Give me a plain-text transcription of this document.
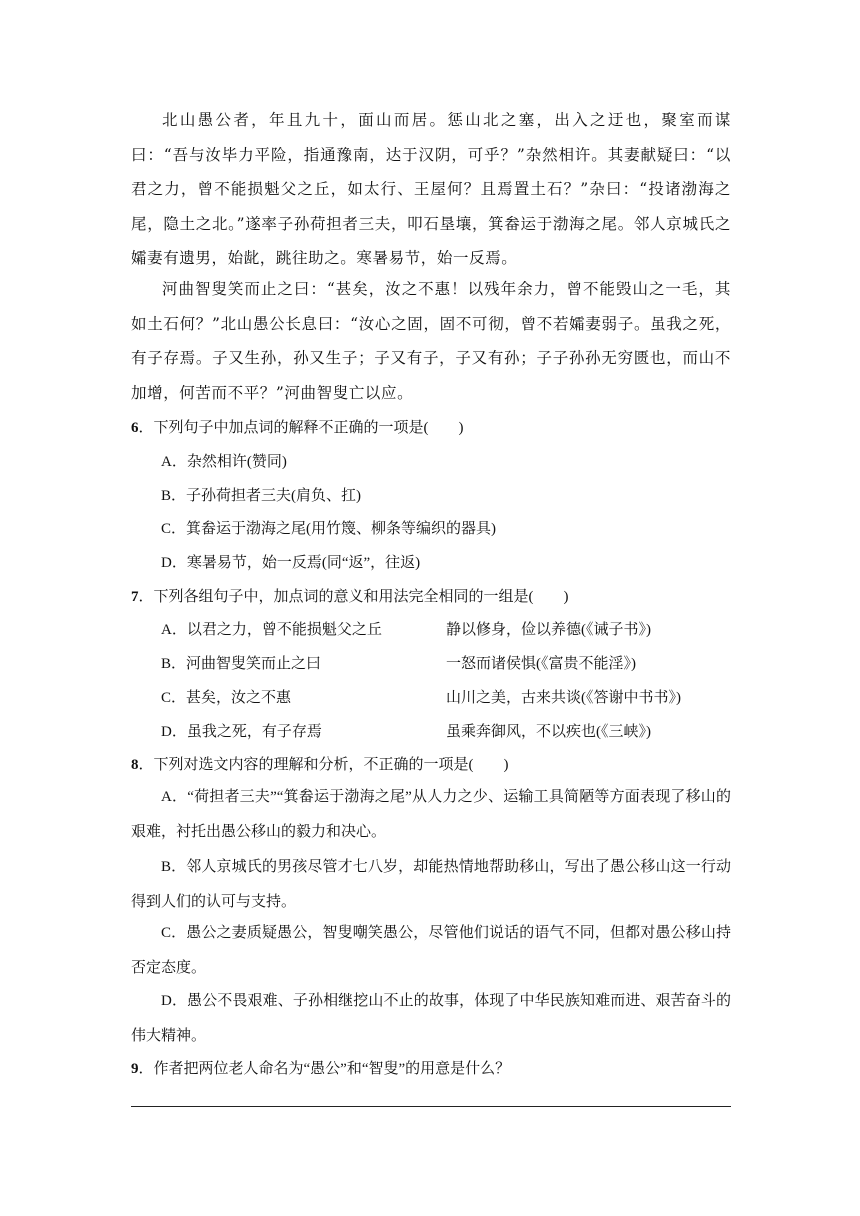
北山愚公者，年且九十，面山而居。惩山北之塞，出入之迂也，聚室而谋曰：“吾与汝毕力平险，指通豫南，达于汉阴，可乎？”杂然相许。其妻献疑曰：“以君之力，曾不能损魁父之丘，如太行、王屋何？且焉置土石？”杂曰：“投诸渤海之尾，隐土之北。”遂率子孙荷担者三夫，叩石垦壤，箕畚运于渤海之尾。邻人京城氏之孀妻有遗男，始龀，跳往助之。寒暑易节，始一反焉。

河曲智叟笑而止之曰：“甚矣，汝之不惠！以残年余力，曾不能毁山之一毛，其如土石何？”北山愚公长息曰：“汝心之固，固不可彻，曾不若孀妻弱子。虽我之死，有子存焉。子又生孙，孙又生子；子又有子，子又有孙；子子孙孙无穷匮也，而山不加增，何苦而不平？”河曲智叟亡以应。

6．下列句子中加点词的解释不正确的一项是(　　)

A．杂然相许(赞同)

B．子孙荷担者三夫(肩负、扛)

C．箕畚运于渤海之尾(用竹篾、柳条等编织的器具)

D．寒暑易节，始一反焉(同“返”，往返)

7．下列各组句子中，加点词的意义和用法完全相同的一组是(　　)

A．以君之力，曾不能损魁父之丘	静以修身，俭以养德(《诫子书》)

B．河曲智叟笑而止之曰	一怒而诸侯惧(《富贵不能淫》)

C．甚矣，汝之不惠	山川之美，古来共谈(《答谢中书书》)

D．虽我之死，有子存焉	虽乘奔御风，不以疾也(《三峡》)

8．下列对选文内容的理解和分析，不正确的一项是(　　)

A．“荷担者三夫”“箕畚运于渤海之尾”从人力之少、运输工具简陋等方面表现了移山的艰难，衬托出愚公移山的毅力和决心。

B．邻人京城氏的男孩尽管才七八岁，却能热情地帮助移山，写出了愚公移山这一行动得到人们的认可与支持。

C．愚公之妻质疑愚公，智叟嘲笑愚公，尽管他们说话的语气不同，但都对愚公移山持否定态度。

D．愚公不畏艰难、子孙相继挖山不止的故事，体现了中华民族知难而进、艰苦奋斗的伟大精神。

9．作者把两位老人命名为“愚公”和“智叟”的用意是什么？
